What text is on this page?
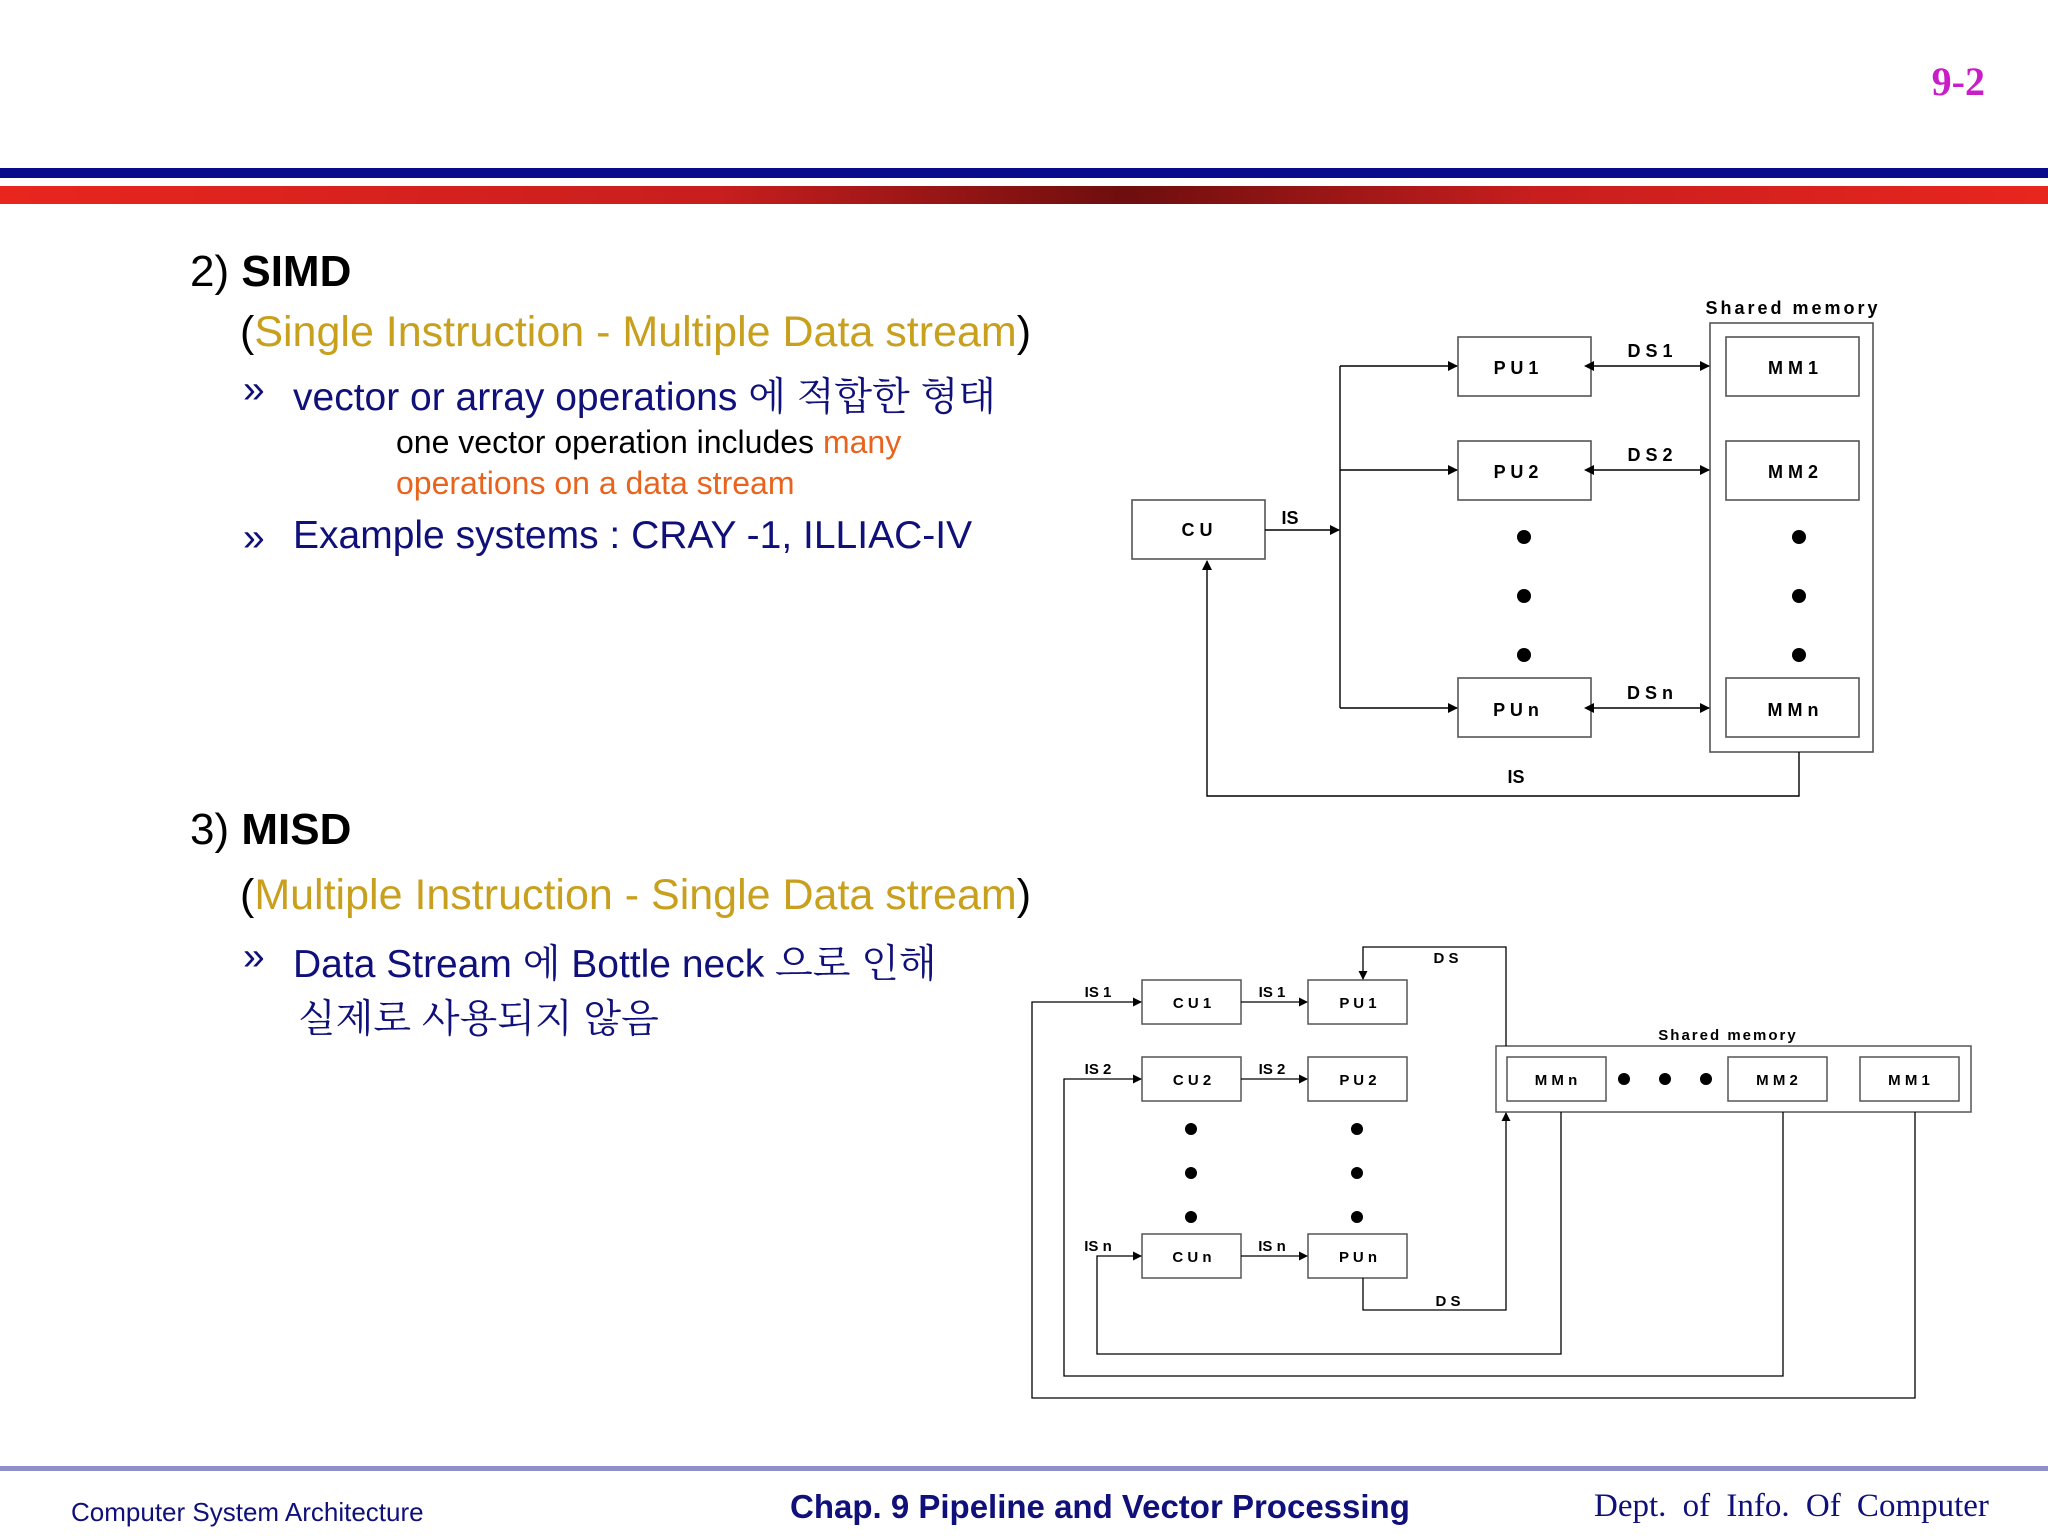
9-2
2) SIMD
(Single Instruction - Multiple Data stream)
» vector or array operations 에 적합한 형태
one vector operation includes many
operations on a data stream
» Example systems : CRAY -1, ILLIAC-IV
3) MISD
(Multiple Instruction - Single Data stream)
» Data Stream 에 Bottle neck 으로 인해
실제로 사용되지 않음
Shared memory
C U
IS
P U 1
P U 2
P U n
D S 1
D S 2
D S n
M M 1
M M 2
M M n
IS
Shared memory
D S
D S
C U 1
C U 2
C U n
P U 1
P U 2
P U n
IS 1
IS 2
IS n
IS 1
IS 2
IS n
M M n	M M 2	M M 1
Computer System Architecture	Chap. 9 Pipeline and Vector Processing	Dept. of Info. Of Computer
